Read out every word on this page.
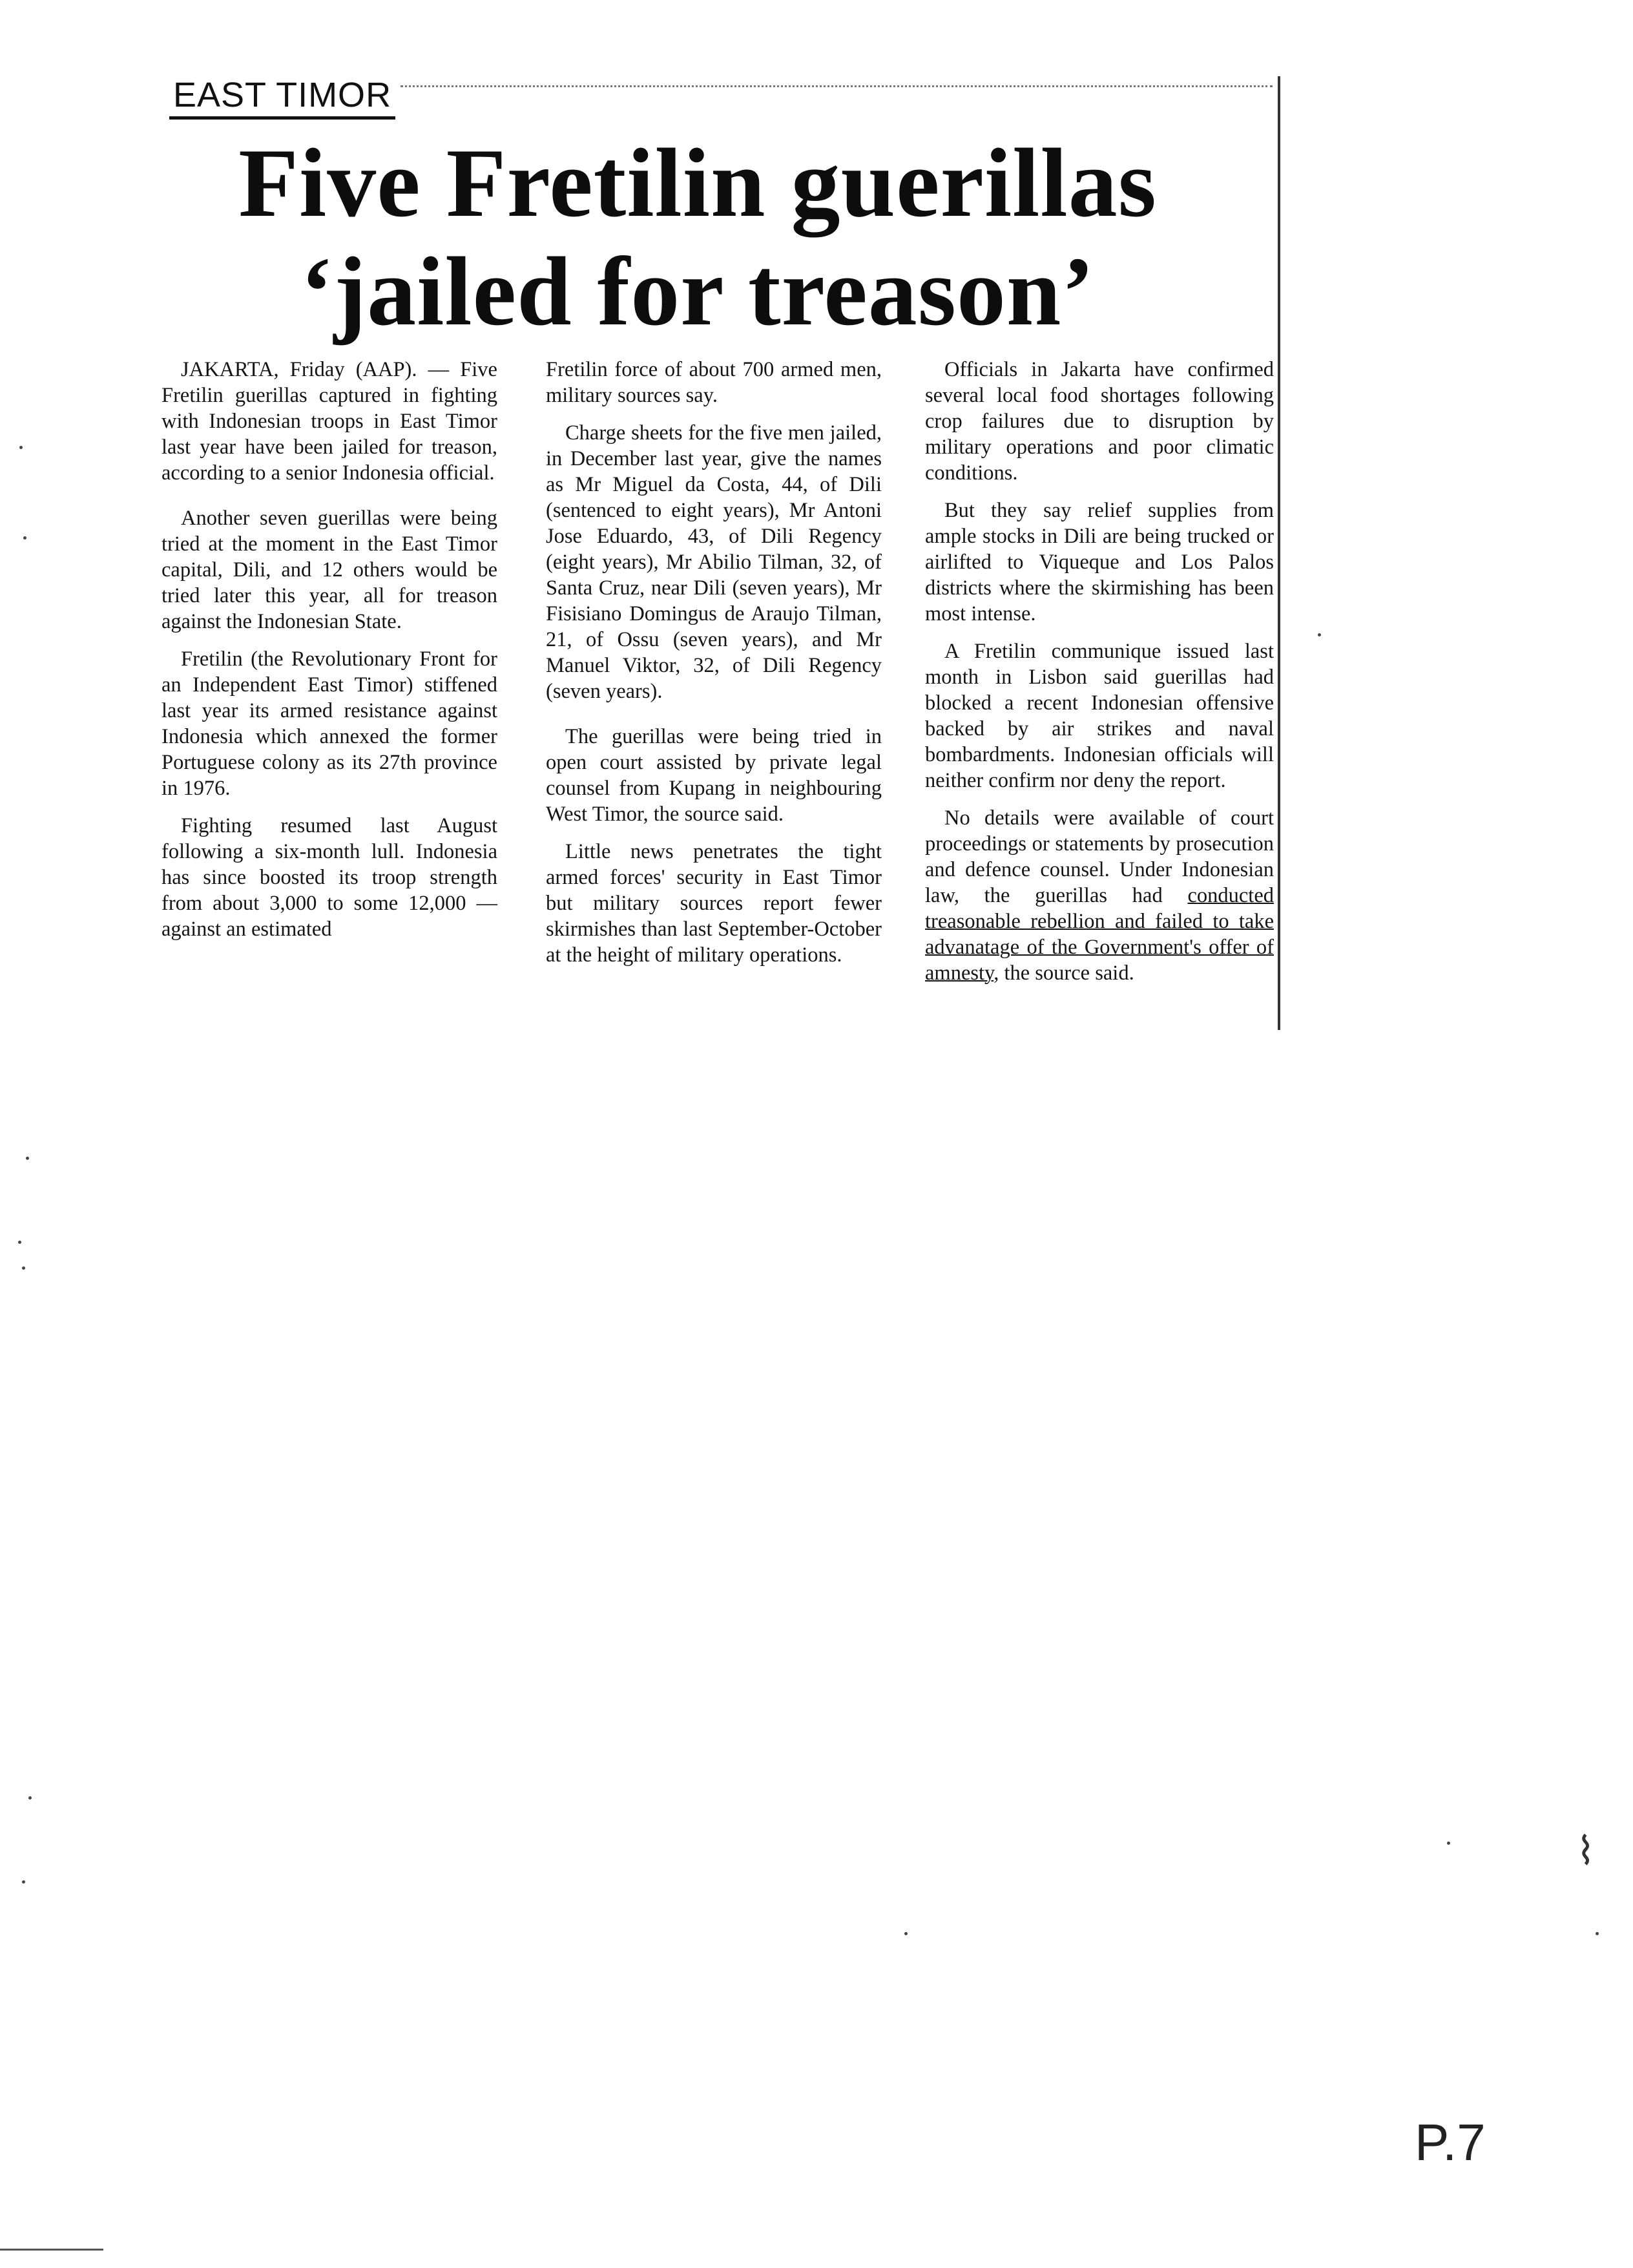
EAST TIMOR
Five Fretilin guerillas
‘jailed for treason’

JAKARTA, Friday (AAP). — Five Fretilin guerillas captured in fighting with Indonesian troops in East Timor last year have been jailed for treason, according to a senior Indonesia official.

Another seven guerillas were being tried at the moment in the East Timor capital, Dili, and 12 others would be tried later this year, all for treason against the Indonesian State.

Fretilin (the Revolutionary Front for an Independent East Timor) stiffened last year its armed resistance against Indonesia which annexed the former Portuguese colony as its 27th province in 1976.

Fighting resumed last August following a six-month lull. Indonesia has since boosted its troop strength from about 3,000 to some 12,000 — against an estimated

Fretilin force of about 700 armed men, military sources say.

Charge sheets for the five men jailed, in December last year, give the names as Mr Miguel da Costa, 44, of Dili (sentenced to eight years), Mr Antoni Jose Eduardo, 43, of Dili Regency (eight years), Mr Abilio Tilman, 32, of Santa Cruz, near Dili (seven years), Mr Fisisiano Domingus de Araujo Tilman, 21, of Ossu (seven years), and Mr Manuel Viktor, 32, of Dili Regency (seven years).

The guerillas were being tried in open court assisted by private legal counsel from Kupang in neighbouring West Timor, the source said.

Little news penetrates the tight armed forces' security in East Timor but military sources report fewer skirmishes than last September-October at the height of military operations.

Officials in Jakarta have confirmed several local food shortages following crop failures due to disruption by military operations and poor climatic conditions.

But they say relief supplies from ample stocks in Dili are being trucked or airlifted to Viqueque and Los Palos districts where the skirmishing has been most intense.

A Fretilin communique issued last month in Lisbon said guerillas had blocked a recent Indonesian offensive backed by air strikes and naval bombardments. Indonesian officials will neither confirm nor deny the report.

No details were available of court proceedings or statements by prosecution and defence counsel. Under Indonesian law, the guerillas had conducted treasonable rebellion and failed to take advanatage of the Government's offer of amnesty, the source said.

⌇
P.7
